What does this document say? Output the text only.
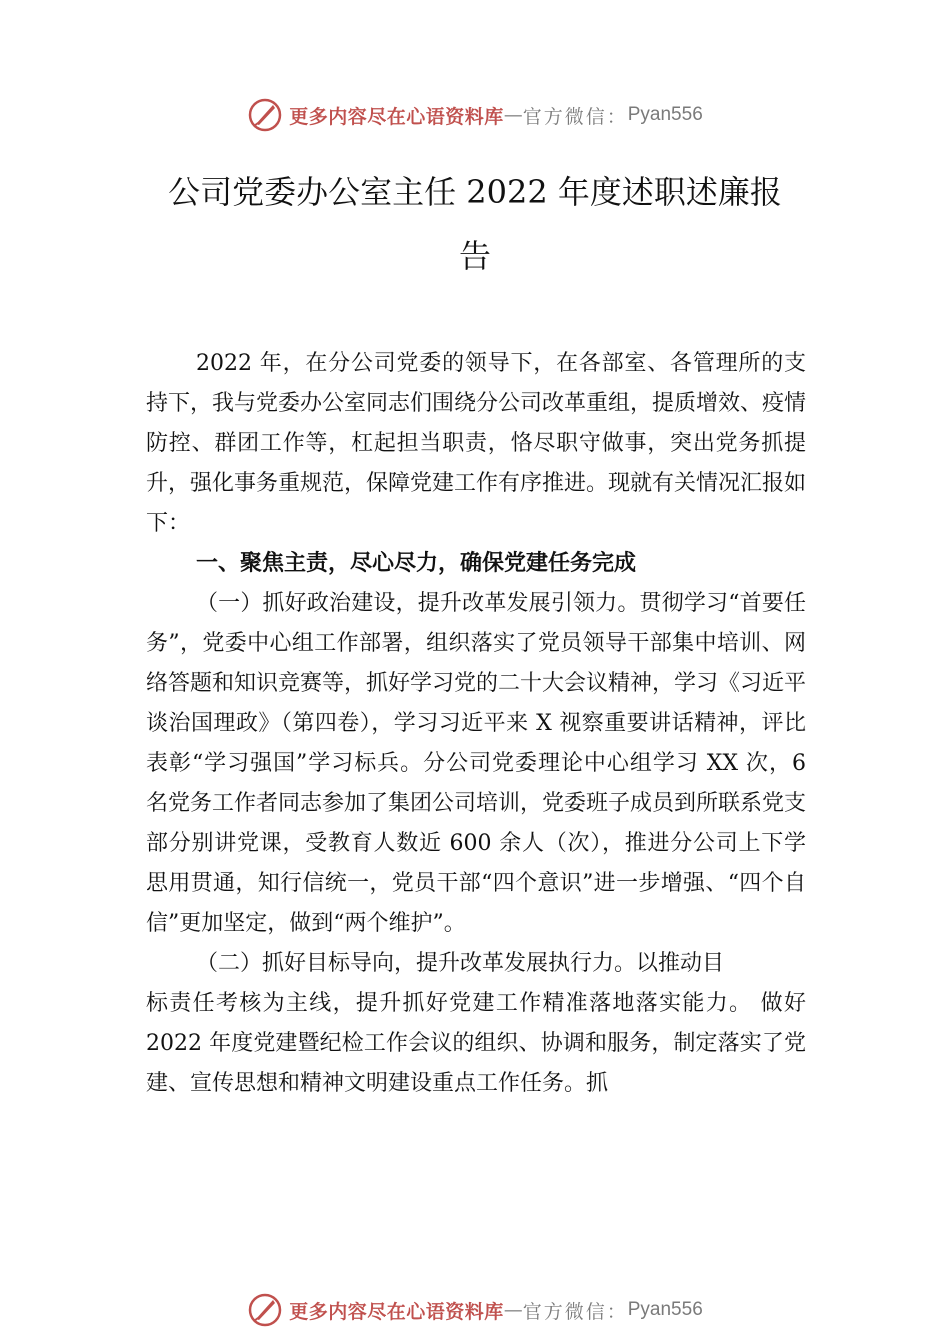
更多内容尽在心语资料库 — 官方微信： Pyan556
公司党委办公室主任 2022 年度述职述廉报
告

2022 年，在分公司党委的领导下，在各部室、各管理所的支持下，我与党委办公室同志们围绕分公司改革重组，提质增效、疫情防控、群团工作等，杠起担当职责，恪尽职守做事，突出党务抓提升，强化事务重规范，保障党建工作有序推进。现就有关情况汇报如下：

一、聚焦主责，尽心尽力，确保党建任务完成

（一）抓好政治建设，提升改革发展引领力。贯彻学习“首要任务”，党委中心组工作部署，组织落实了党员领导干部集中培训、网络答题和知识竞赛等，抓好学习党的二十大会议精神，学习《习近平谈治国理政》（第四卷），学习习近平来 X 视察重要讲话精神，评比表彰“学习强国”学习标兵。分公司党委理论中心组学习 XX 次，6 名党务工作者同志参加了集团公司培训，党委班子成员到所联系党支部分别讲党课，受教育人数近 600 余人（次），推进分公司上下学思用贯通，知行信统一，党员干部“四个意识”进一步增强、“四个自信”更加坚定，做到“两个维护”。

（二）抓好目标导向，提升改革发展执行力。以推动目

标责任考核为主线，提升抓好党建工作精准落地落实能力。 做好 2022 年度党建暨纪检工作会议的组织、协调和服务，制定落实了党建、宣传思想和精神文明建设重点工作任务。抓

更多内容尽在心语资料库 — 官方微信： Pyan556
